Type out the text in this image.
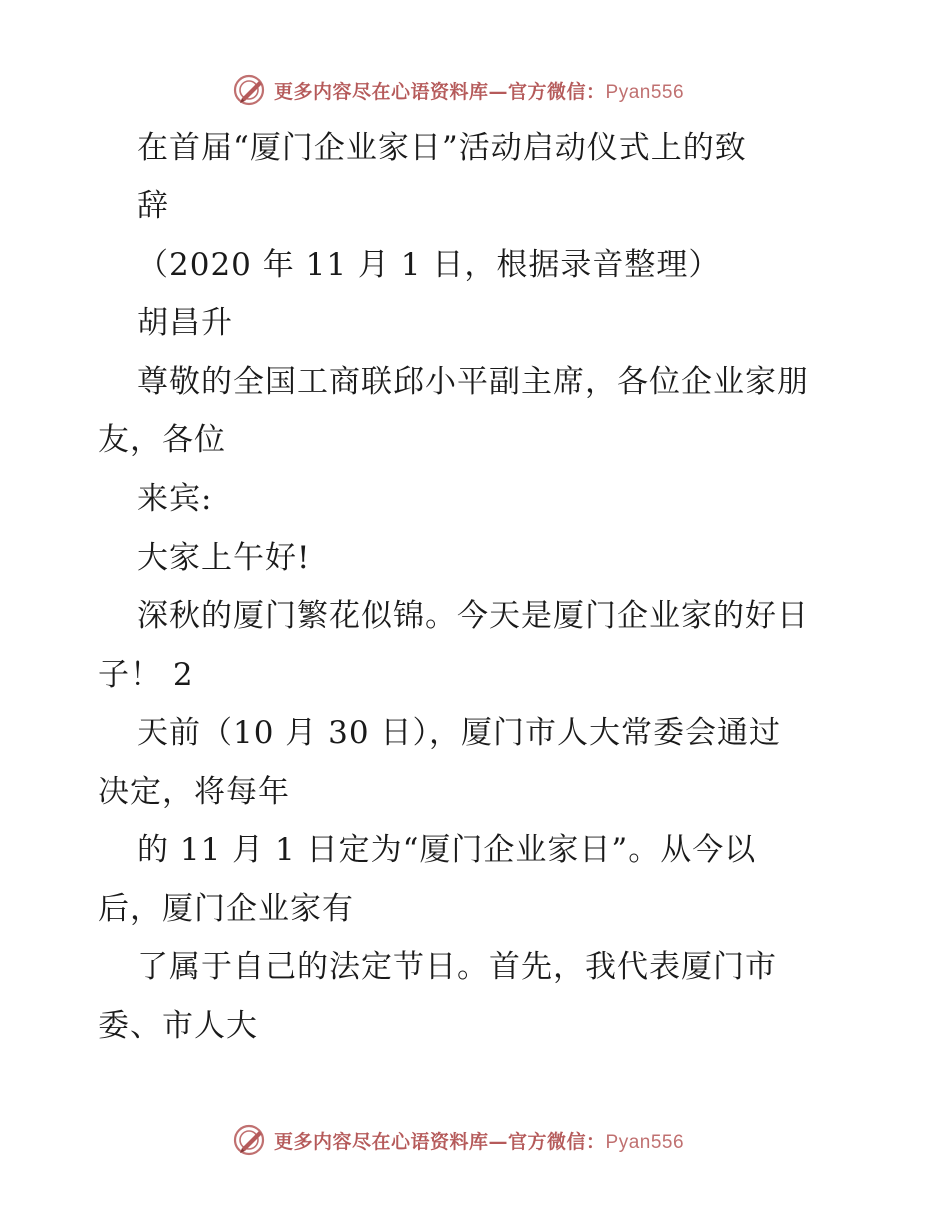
更多内容尽在心语资料库—官方微信：Pyan556
在首届“厦门企业家日”活动启动仪式上的致
辞
（2020 年 11 月 1 日，根据录音整理）
胡昌升
尊敬的全国工商联邱小平副主席，各位企业家朋
友，各位
来宾:
大家上午好!
深秋的厦门繁花似锦。今天是厦门企业家的好日
子！ 2
天前（10 月 30 日），厦门市人大常委会通过
决定，将每年
的 11 月 1 日定为“厦门企业家日”。从今以
后，厦门企业家有
了属于自己的法定节日。首先，我代表厦门市
委、市人大
更多内容尽在心语资料库—官方微信：Pyan556
